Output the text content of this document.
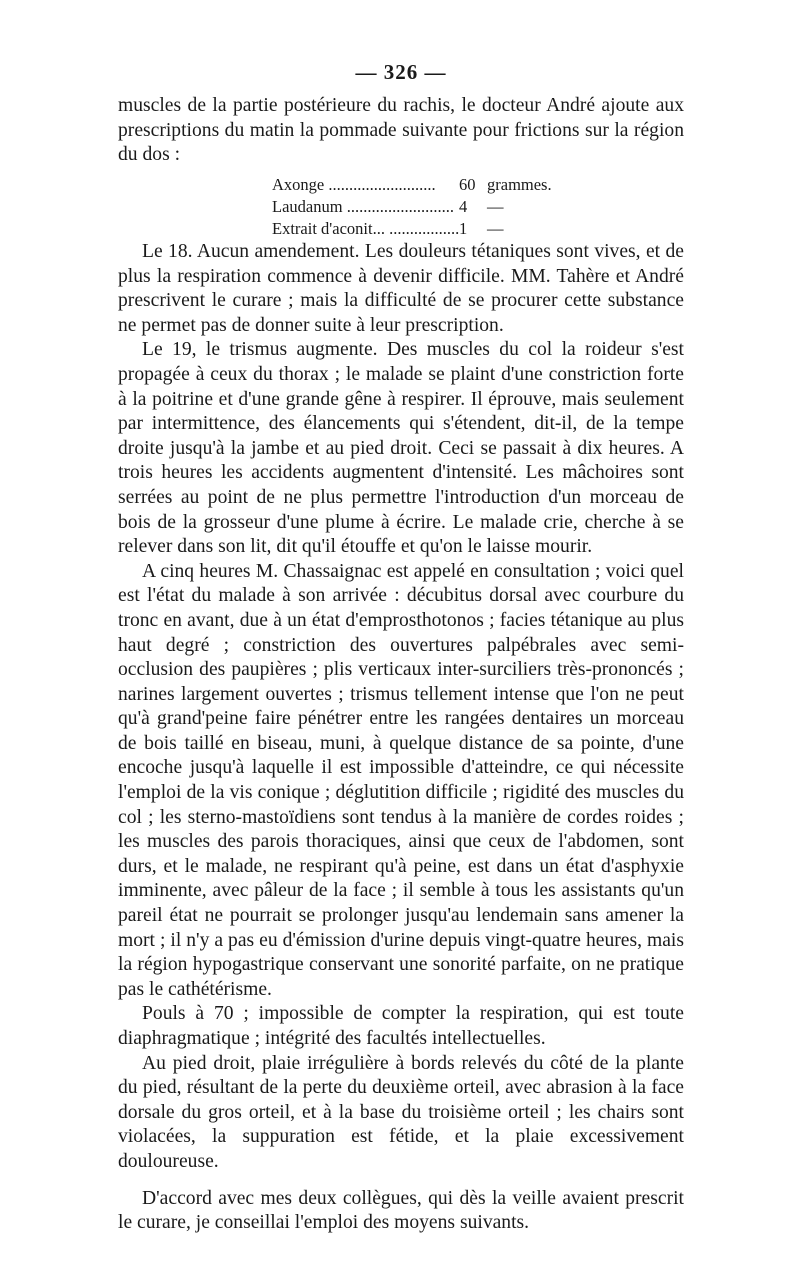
— 326 —

muscles de la partie postérieure du rachis, le docteur André ajoute aux prescriptions du matin la pommade suivante pour frictions sur la région du dos :

Axonge .....	60 grammes.
Laudanum .....	4	—
Extrait d'aconit... .....	1	—

Le 18. Aucun amendement. Les douleurs tétaniques sont vives, et de plus la respiration commence à devenir difficile. MM. Tahère et André prescrivent le curare ; mais la difficulté de se procurer cette substance ne permet pas de donner suite à leur prescription.

Le 19, le trismus augmente. Des muscles du col la roideur s'est propagée à ceux du thorax ; le malade se plaint d'une constriction forte à la poitrine et d'une grande gêne à respirer. Il éprouve, mais seulement par intermittence, des élancements qui s'étendent, dit-il, de la tempe droite jusqu'à la jambe et au pied droit. Ceci se passait à dix heures. A trois heures les accidents augmentent d'intensité. Les mâchoires sont serrées au point de ne plus permettre l'introduction d'un morceau de bois de la grosseur d'une plume à écrire. Le malade crie, cherche à se relever dans son lit, dit qu'il étouffe et qu'on le laisse mourir.

A cinq heures M. Chassaignac est appelé en consultation ; voici quel est l'état du malade à son arrivée : décubitus dorsal avec courbure du tronc en avant, due à un état d'emprosthotonos ; facies tétanique au plus haut degré ; constriction des ouvertures palpébrales avec semi-occlusion des paupières ; plis verticaux inter-surciliers très-prononcés ; narines largement ouvertes ; trismus tellement intense que l'on ne peut qu'à grand'peine faire pénétrer entre les rangées dentaires un morceau de bois taillé en biseau, muni, à quelque distance de sa pointe, d'une encoche jusqu'à laquelle il est impossible d'atteindre, ce qui nécessite l'emploi de la vis conique ; déglutition difficile ; rigidité des muscles du col ; les sterno-mastoïdiens sont tendus à la manière de cordes roides ; les muscles des parois thoraciques, ainsi que ceux de l'abdomen, sont durs, et le malade, ne respirant qu'à peine, est dans un état d'asphyxie imminente, avec pâleur de la face ; il semble à tous les assistants qu'un pareil état ne pourrait se prolonger jusqu'au lendemain sans amener la mort ; il n'y a pas eu d'émission d'urine depuis vingt-quatre heures, mais la région hypogastrique conservant une sonorité parfaite, on ne pratique pas le cathétérisme.

Pouls à 70 ; impossible de compter la respiration, qui est toute diaphragmatique ; intégrité des facultés intellectuelles.

Au pied droit, plaie irrégulière à bords relevés du côté de la plante du pied, résultant de la perte du deuxième orteil, avec abrasion à la face dorsale du gros orteil, et à la base du troisième orteil ; les chairs sont violacées, la suppuration est fétide, et la plaie excessivement douloureuse.

D'accord avec mes deux collègues, qui dès la veille avaient prescrit le curare, je conseillai l'emploi des moyens suivants.
